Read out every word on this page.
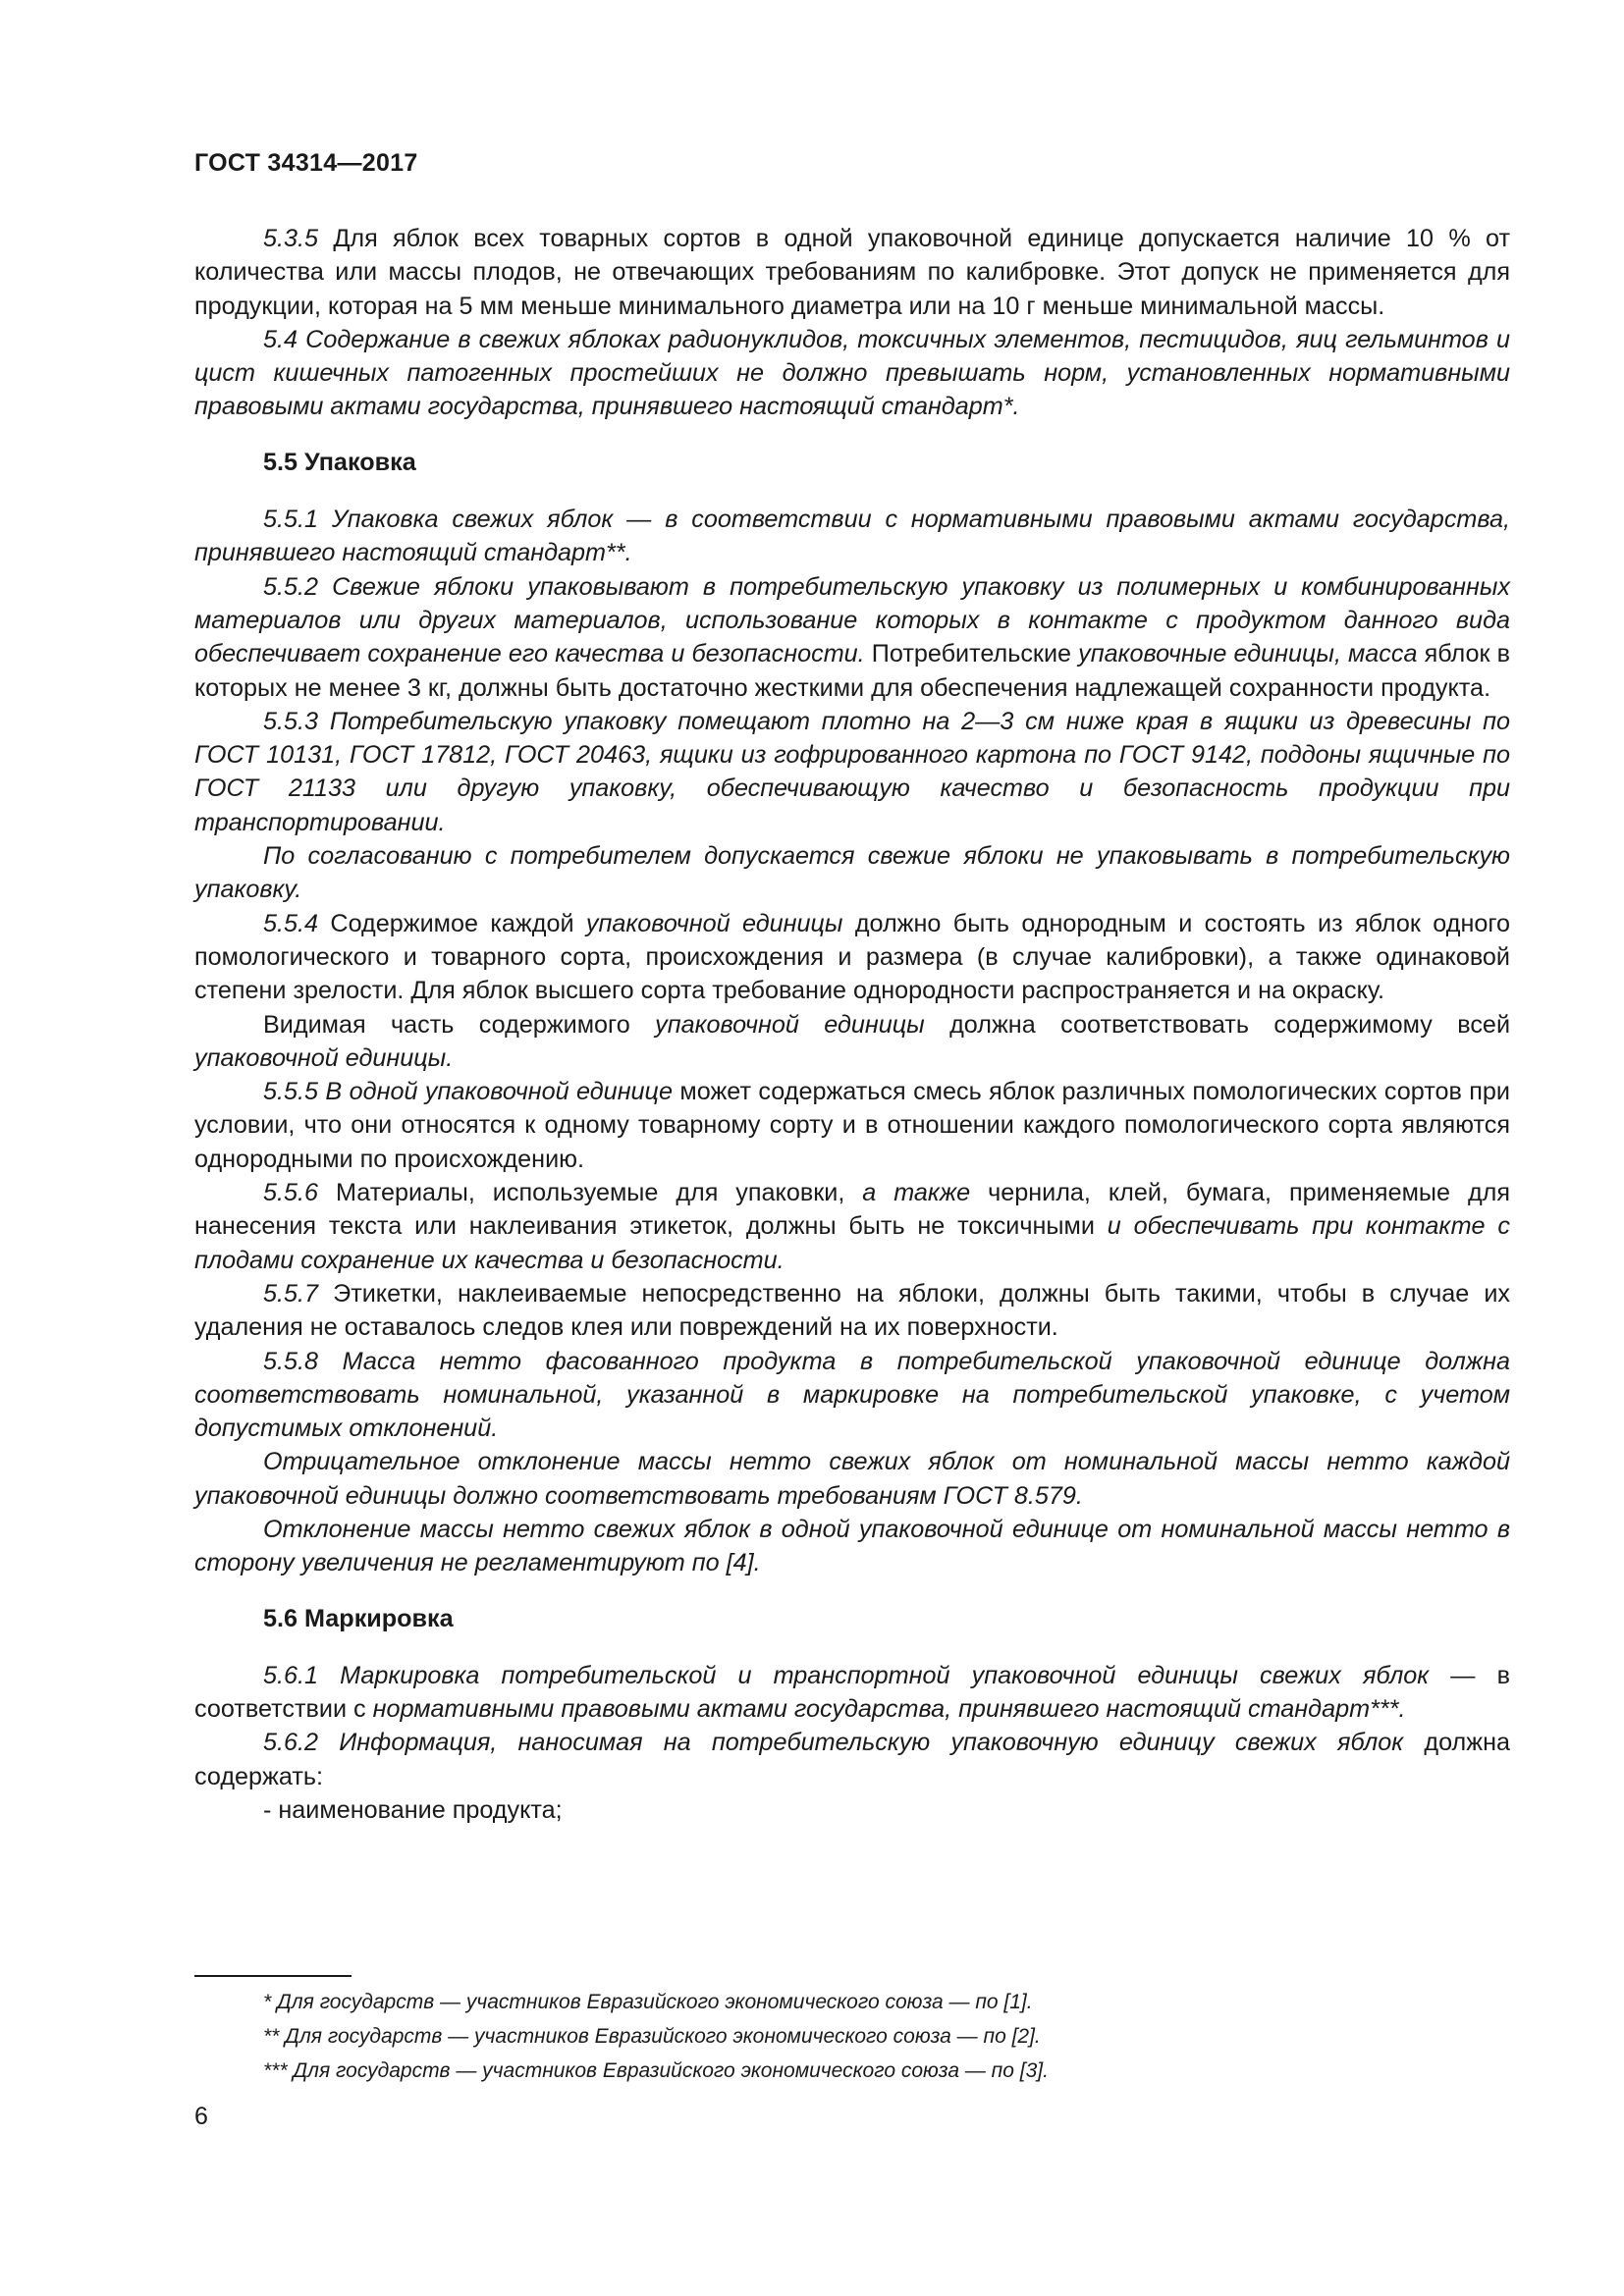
ГОСТ 34314—2017

5.3.5 Для яблок всех товарных сортов в одной упаковочной единице допускается наличие 10 % от количества или массы плодов, не отвечающих требованиям по калибровке. Этот допуск не применяется для продукции, которая на 5 мм меньше минимального диаметра или на 10 г меньше минимальной массы.

5.4 Содержание в свежих яблоках радионуклидов, токсичных элементов, пестицидов, яиц гельминтов и цист кишечных патогенных простейших не должно превышать норм, установленных нормативными правовыми актами государства, принявшего настоящий стандарт*.

5.5 Упаковка

5.5.1 Упаковка свежих яблок — в соответствии с нормативными правовыми актами государства, принявшего настоящий стандарт**.

5.5.2 Свежие яблоки упаковывают в потребительскую упаковку из полимерных и комбинированных материалов или других материалов, использование которых в контакте с продуктом данного вида обеспечивает сохранение его качества и безопасности. Потребительские упаковочные единицы, масса яблок в которых не менее 3 кг, должны быть достаточно жесткими для обеспечения надлежащей сохранности продукта.

5.5.3 Потребительскую упаковку помещают плотно на 2—3 см ниже края в ящики из древесины по ГОСТ 10131, ГОСТ 17812, ГОСТ 20463, ящики из гофрированного картона по ГОСТ 9142, поддоны ящичные по ГОСТ 21133 или другую упаковку, обеспечивающую качество и безопасность продукции при транспортировании.

По согласованию с потребителем допускается свежие яблоки не упаковывать в потребительскую упаковку.

5.5.4 Содержимое каждой упаковочной единицы должно быть однородным и состоять из яблок одного помологического и товарного сорта, происхождения и размера (в случае калибровки), а также одинаковой степени зрелости. Для яблок высшего сорта требование однородности распространяется и на окраску.

Видимая часть содержимого упаковочной единицы должна соответствовать содержимому всей упаковочной единицы.

5.5.5 В одной упаковочной единице может содержаться смесь яблок различных помологических сортов при условии, что они относятся к одному товарному сорту и в отношении каждого помологического сорта являются однородными по происхождению.

5.5.6 Материалы, используемые для упаковки, а также чернила, клей, бумага, применяемые для нанесения текста или наклеивания этикеток, должны быть не токсичными и обеспечивать при контакте с плодами сохранение их качества и безопасности.

5.5.7 Этикетки, наклеиваемые непосредственно на яблоки, должны быть такими, чтобы в случае их удаления не оставалось следов клея или повреждений на их поверхности.

5.5.8 Масса нетто фасованного продукта в потребительской упаковочной единице должна соответствовать номинальной, указанной в маркировке на потребительской упаковке, с учетом допустимых отклонений.

Отрицательное отклонение массы нетто свежих яблок от номинальной массы нетто каждой упаковочной единицы должно соответствовать требованиям ГОСТ 8.579.

Отклонение массы нетто свежих яблок в одной упаковочной единице от номинальной массы нетто в сторону увеличения не регламентируют по [4].

5.6 Маркировка

5.6.1 Маркировка потребительской и транспортной упаковочной единицы свежих яблок — в соответствии с нормативными правовыми актами государства, принявшего настоящий стандарт***.

5.6.2 Информация, наносимая на потребительскую упаковочную единицу свежих яблок должна содержать:

- наименование продукта;
* Для государств — участников Евразийского экономического союза — по [1].
** Для государств — участников Евразийского экономического союза — по [2].
*** Для государств — участников Евразийского экономического союза — по [3].
6
